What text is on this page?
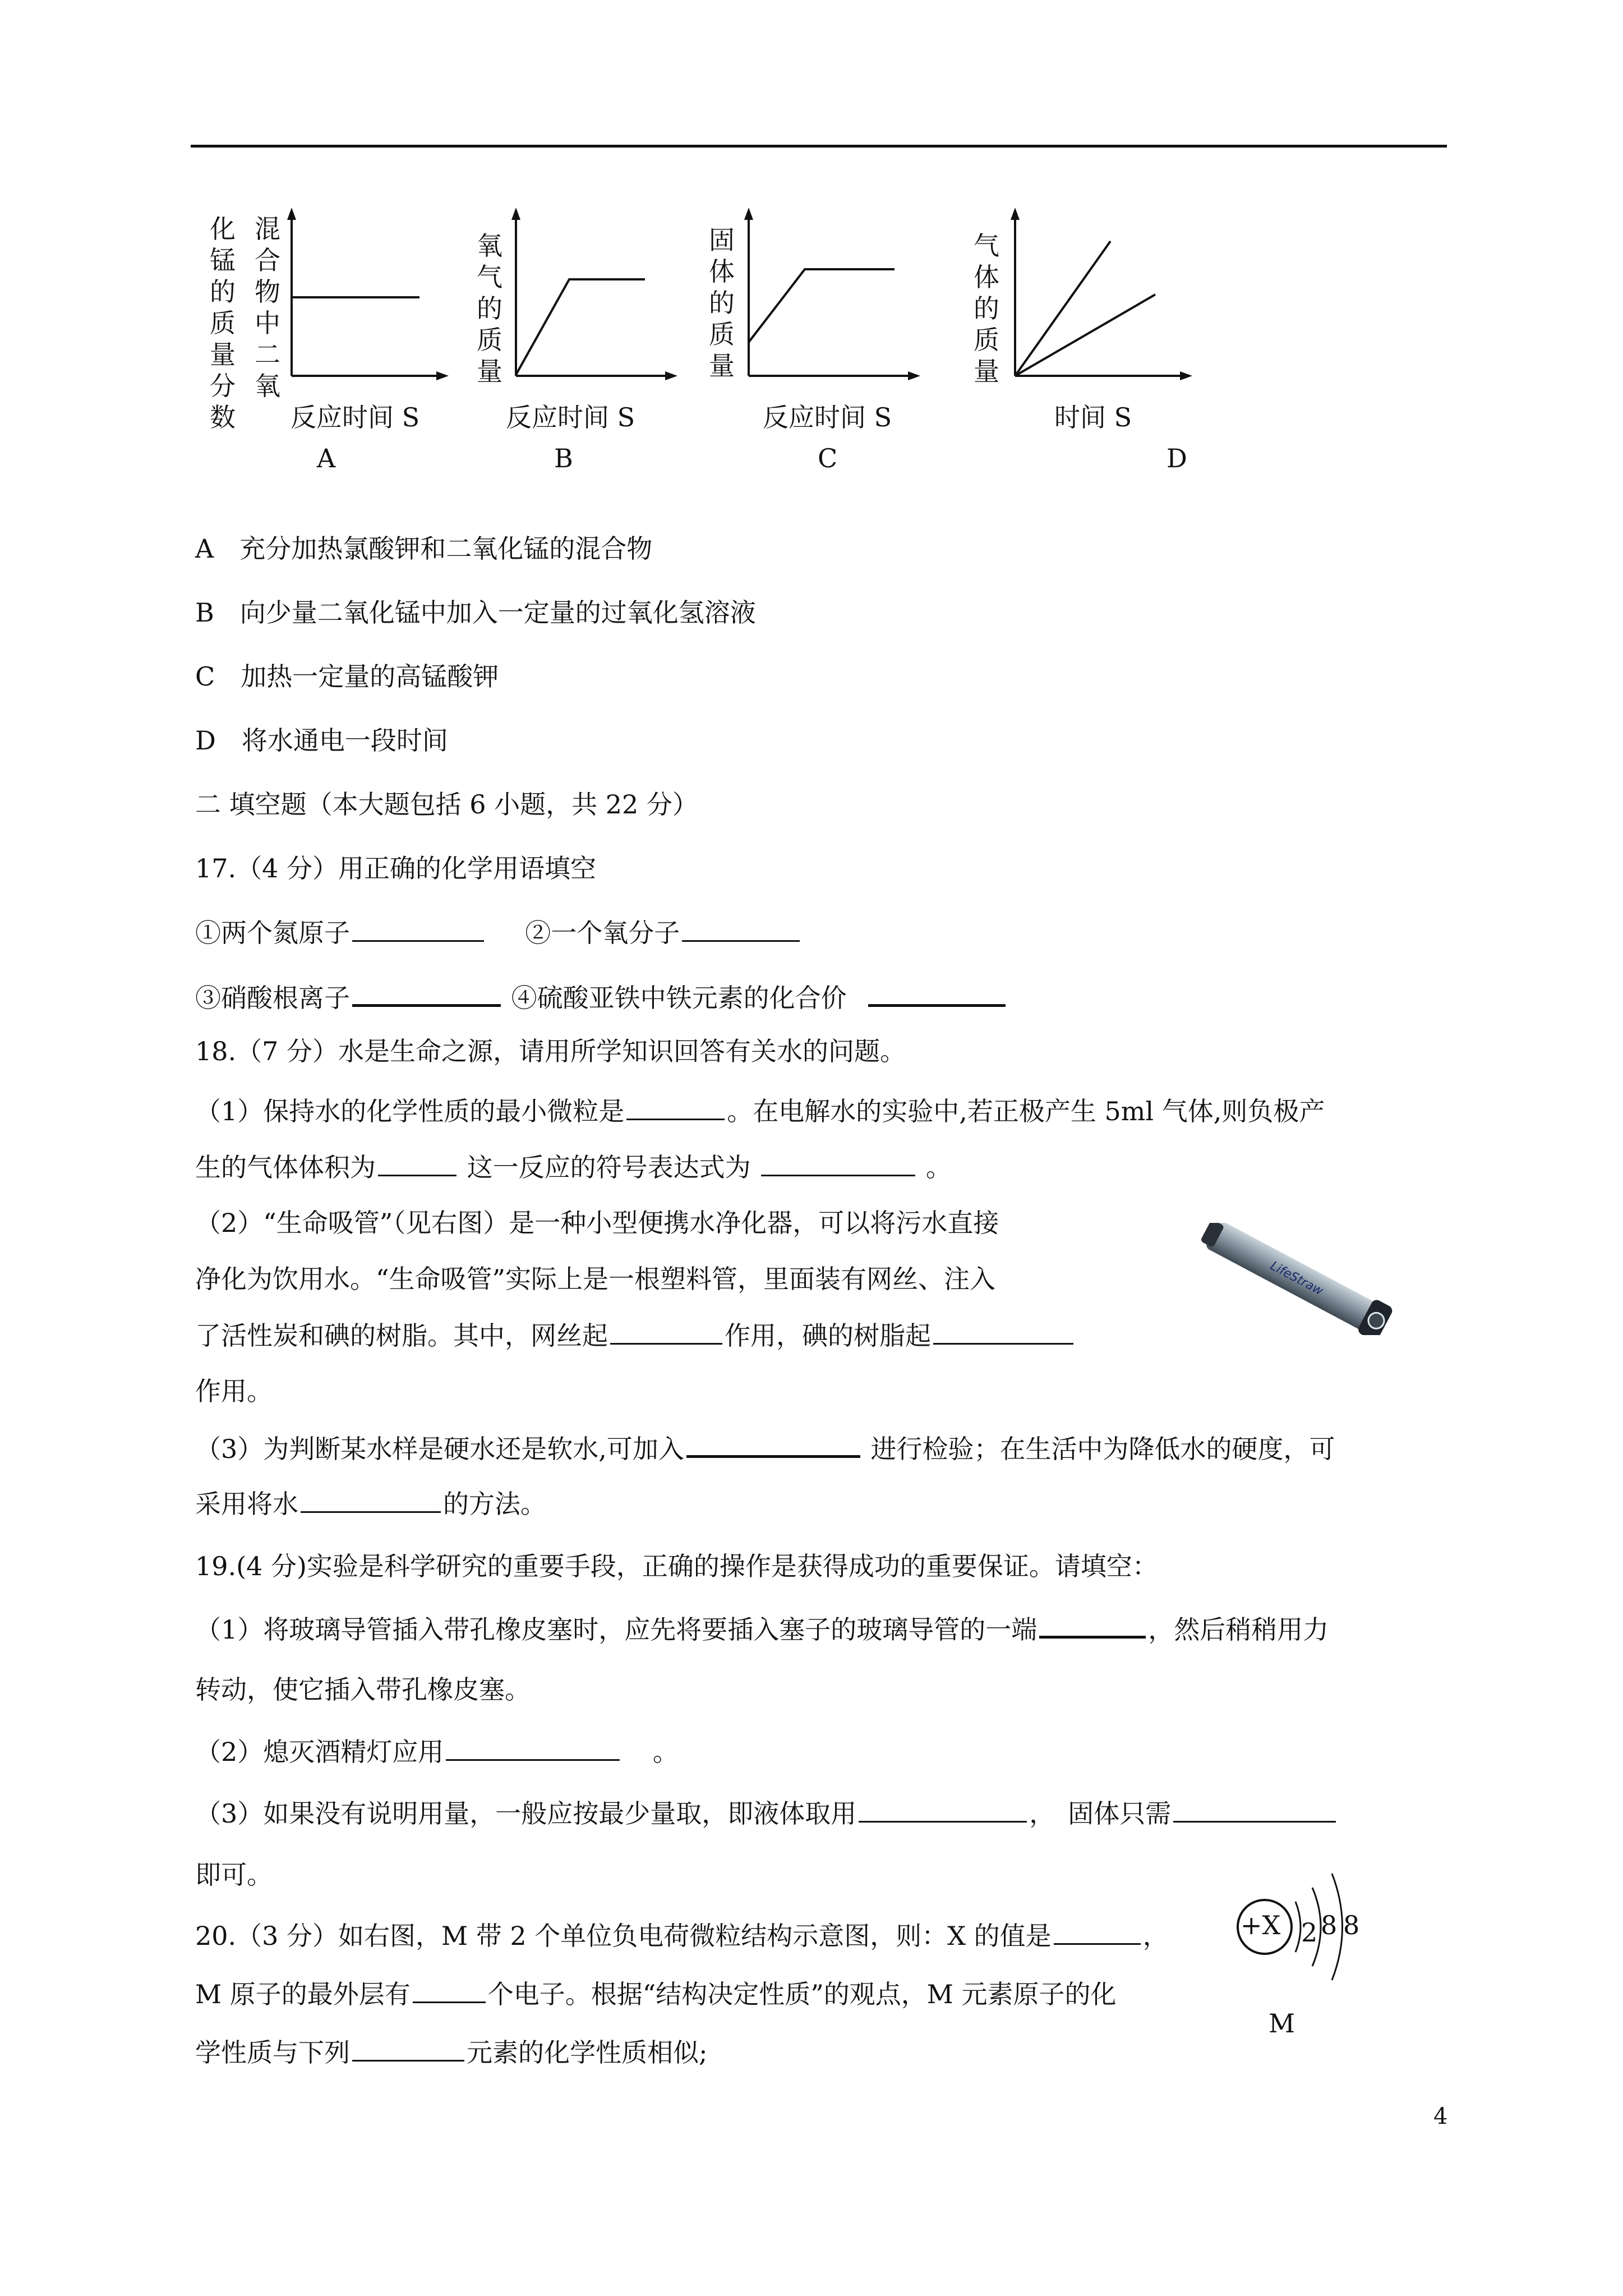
化锰的质量分数
混合物中二氧
反应时间 S
A
氧气的质量
反应时间 S
B
固体的质量
反应时间 S
C
气体的质量
时间 S
D
A　充分加热氯酸钾和二氧化锰的混合物
B　向少量二氧化锰中加入一定量的过氧化氢溶液
C　加热一定量的高锰酸钾
D　将水通电一段时间
二 填空题（本大题包括 6 小题，共 22 分）
17.（4 分）用正确的化学用语填空
①两个氮原子	②一个氧分子
③硝酸根离子	④硫酸亚铁中铁元素的化合价
18.（7 分）水是生命之源，请用所学知识回答有关水的问题。
（1）保持水的化学性质的最小微粒是	。在电解水的实验中,若正极产生 5ml 气体,则负极产
生的气体体积为	这一反应的符号表达式为	。
（2）“生命吸管”（见右图）是一种小型便携水净化器，可以将污水直接
净化为饮用水。“生命吸管”实际上是一根塑料管，里面装有网丝、注入
了活性炭和碘的树脂。其中，网丝起	作用，碘的树脂起
作用。
（3）为判断某水样是硬水还是软水,可加入	进行检验；在生活中为降低水的硬度，可
采用将水	的方法。
LifeStraw
19.(4 分)实验是科学研究的重要手段，正确的操作是获得成功的重要保证。请填空：
（1）将玻璃导管插入带孔橡皮塞时，应先将要插入塞子的玻璃导管的一端	，然后稍稍用力
转动，使它插入带孔橡皮塞。
（2）熄灭酒精灯应用	。
（3）如果没有说明用量，一般应按最少量取，即液体取用	，　固体只需
即可。
20.（3 分）如右图，M 带 2 个单位负电荷微粒结构示意图，则：X 的值是	，
M 原子的最外层有	个电子。根据“结构决定性质”的观点，M 元素原子的化
学性质与下列	元素的化学性质相似;
+X 2 8 8
M
4
